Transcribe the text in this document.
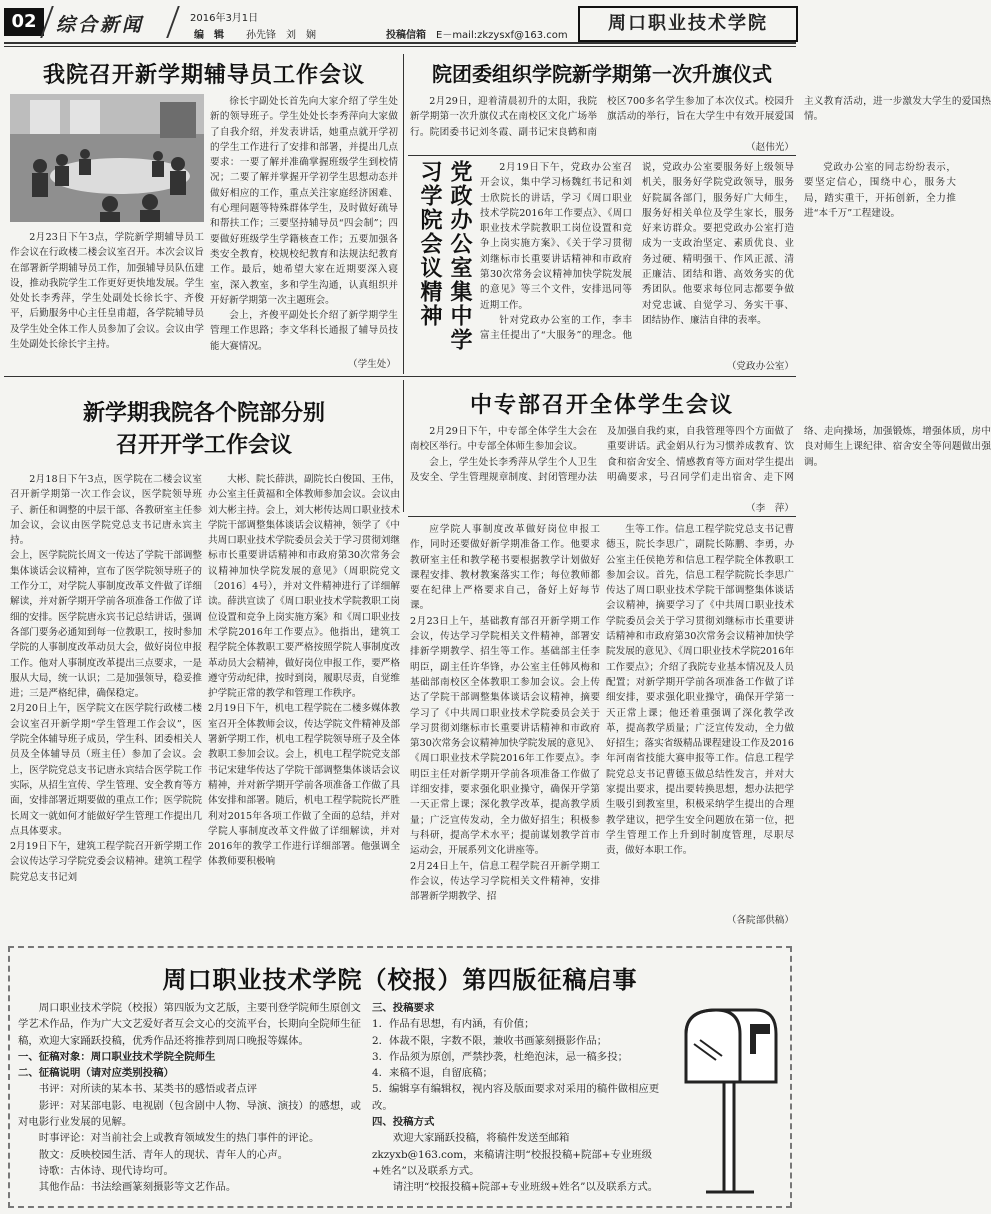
02	综合新闻	2016年3月1日
编　辑 孙先锋　刘　娴	投稿信箱 E－mail:zkzysxf@163.com
周口职业技术学院
我院召开新学期辅导员工作会议

2月23日下午3点，学院新学期辅导员工作会议在行政楼二楼会议室召开。本次会议旨在部署新学期辅导员工作，加强辅导员队伍建设，推动我院学生工作更好更快地发展。学生处处长李秀萍，学生处副处长徐长宇、齐俊平，后勤服务中心主任皇甫超，各学院辅导员及学生处全体工作人员参加了会议。会议由学生处副处长徐长宇主持。

徐长宇副处长首先向大家介绍了学生处新的领导班子。学生处处长李秀萍向大家做了自我介绍，并发表讲话，她重点就开学初的学生工作进行了安排和部署，并提出几点要求：一要了解并准确掌握班级学生到校情况；二要了解并掌握开学初学生思想动态并做好相应的工作，重点关注家庭经济困难、有心理问题等特殊群体学生，及时做好疏导和帮扶工作；三要坚持辅导员“四会制”；四要做好班级学生学籍核查工作；五要加强各类安全教育，校规校纪教育和法规法纪教育工作。最后，她希望大家在近期要深入寝室，深入教室，多和学生沟通，认真组织并开好新学期第一次主题班会。

会上，齐俊平副处长介绍了新学期学生管理工作思路；李文华科长通报了辅导员技能大赛情况。

（学生处）
院团委组织学院新学期第一次升旗仪式

2月29日，迎着清晨初升的太阳，我院新学期第一次升旗仪式在南校区文化广场举行。院团委书记刘冬霞、副书记宋良鹤和南校区700多名学生参加了本次仪式。校园升旗活动的举行，旨在大学生中有效开展爱国主义教育活动，进一步激发大学生的爱国热情。

（赵伟光）
党政办公室集中学习学院会议精神	2月19日下午，党政办公室召开会议，集中学习杨魏红书记和刘士欣院长的讲话，学习《周口职业技术学院2016年工作要点》、《周口职业技术学院教职工岗位设置和竞争上岗实施方案》、《关于学习贯彻刘继标市长重要讲话精神和市政府第30次常务会议精神加快学院发展的意见》等三个文件，安排迅同等近期工作。

针对党政办公室的工作，李丰富主任提出了“大服务”的理念。他说，党政办公室要服务好上级领导机关，服务好学院党政领导，服务好院属各部门，服务好广大师生，服务好相关单位及学生家长，服务好来访群众。要把党政办公室打造成为一支政治坚定、素质优良、业务过硬、精明强干、作风正派、清正廉洁、团结和谐、高效务实的优秀团队。他要求每位同志都要争做对党忠诚、自觉学习、务实干事、团结协作、廉洁自律的表率。

党政办公室的同志纷纷表示，要坚定信心，围绕中心，服务大局，踏实重干，开拓创新，全力推进“本千万”工程建设。

（党政办公室）
新学期我院各个院部分别
召开开学工作会议
2月18日下午3点，医学院在二楼会议室召开新学期第一次工作会议，医学院领导班子、新任和调整的中层干部、各教研室主任参加会议，会议由医学院党总支书记唐永宾主持。
会上，医学院院长周文一传达了学院干部调整集体谈话会议精神，宣布了医学院领导班子的工作分工，对学院人事制度改革文件做了详细解读，并对新学期开学前各项准备工作做了详细的安排。医学院唐永宾书记总结讲话，强调各部门要务必通知到每一位教职工，按时参加学院的人事制度改革动员大会，做好岗位申报工作。他对人事制度改革提出三点要求，一是服从大局，统一认识；二是加强领导，稳妥推进；三是严格纪律，确保稳定。
2月20日上午，医学院文在医学院行政楼二楼会议室召开新学期“学生管理工作会议”，医学院全体辅导班子成员，学生科、团委相关人员及全体辅导员（班主任）参加了会议。会上，医学院党总支书记唐永宾结合医学院工作实际，从招生宣传、学生管理、安全教育等方面，安排部署近期要做的重点工作；医学院院长周文一就如何才能做好学生管理工作提出几点具体要求。
2月19日下午，建筑工程学院召开新学期工作会议传达学习学院党委会议精神。建筑工程学院党总支书记刘
大彬、院长薛洪，副院长白俊国、王伟，办公室主任黄福和全体教师参加会议。会议由刘大彬主持。会上，刘大彬传达周口职业技术学院干部调整集体谈话会议精神，领学了《中共周口职业技术学院委员会关于学习贯彻刘继标市长重要讲话精神和市政府第30次常务会议精神加快学院发展的意见》（周职院党文〔2016〕4号），并对文件精神进行了详细解读。薛洪宣读了《周口职业技术学院教职工岗位设置和竞争上岗实施方案》和《周口职业技术学院2016年工作要点》。他指出，建筑工程学院全体教职工要严格按照学院人事制度改革动员大会精神，做好岗位申报工作，要严格遵守劳动纪律，按时到岗，履职尽责，自觉维护学院正常的教学和管理工作秩序。
2月19日下午，机电工程学院在二楼多媒体教室召开全体教师会议，传达学院文件精神及部署新学期工作，机电工程学院领导班子及全体教职工参加会议。会上，机电工程学院党支部书记宋建华传达了学院干部调整集体谈话会议精神，并对新学期开学前各项准备工作做了具体安排和部署。随后，机电工程学院院长严胜利对2015年各项工作做了全面的总结，并对学院人事制度改革文件做了详细解读，并对2016年的教学工作进行详细部署。他强调全体教师要积极响
应学院人事制度改革做好岗位申报工作，同时还要做好新学期准备工作。他要求教研室主任和教学秘书要根据教学计划做好课程安排、教材教案落实工作；每位教师都要在纪律上严格要求自己，备好上好每节课。
2月23日上午，基础教育部召开新学期工作会议，传达学习学院相关文件精神，部署安排新学期教学、招生等工作。基础部主任李明臣，副主任许华锋，办公室主任韩风梅和基础部南校区全体教职工参加会议。会上传达了学院干部调整集体谈话会议精神，摘要学习了《中共周口职业技术学院委员会关于学习贯彻刘继标市长重要讲话精神和市政府第30次常务会议精神加快学院发展的意见》、《周口职业技术学院2016年工作要点》。李明臣主任对新学期开学前各项准备工作做了详细安排，要求强化职业操守，确保开学第一天正常上课；深化教学改革，提高教学质量；广泛宣传发动，全力做好招生；积极参与科研，提高学术水平；提前谋划教学首市运动会，开展系列文化讲座等。
2月24日上午，信息工程学院召开新学期工作会议，传达学习学院相关文件精神，安排部署新学期教学、招
生等工作。信息工程学院党总支书记曹德玉，院长李思广，副院长陈鹏、李勇，办公室主任侯艳芳和信息工程学院全体教职工参加会议。首先，信息工程学院院长李思广传达了周口职业技术学院干部调整集体谈话会议精神，摘要学习了《中共周口职业技术学院委员会关于学习贯彻刘继标市长重要讲话精神和市政府第30次常务会议精神加快学院发展的意见》、《周口职业技术学院2016年工作要点》；介绍了我院专业基本情况及人员配置；对新学期开学前各项准备工作做了详细安排，要求强化职业操守，确保开学第一天正常上课；他还着重强调了深化教学改革，提高教学质量；广泛宣传发动，全力做好招生；落实省级精品课程建设工作及2016年河南省技能大赛申报等工作。信息工程学院党总支书记曹德玉做总结性发言，并对大家提出要求，提出要转换思想，想办法把学生吸引到教室里，积极采纳学生提出的合理教学建议，把学生安全问题放在第一位，把学生管理工作上升到时制度管理，尽职尽责，做好本职工作。
（各院部供稿）
中专部召开全体学生会议

2月29日下午，中专部全体学生大会在南校区举行。中专部全体师生参加会议。

会上，学生处长李秀萍从学生个人卫生及安全、学生管理规章制度、封闭管理办法及加强自我约束，自我管理等四个方面做了重要讲话。武金娟从行为习惯养成教育、饮食和宿舍安全、情感教育等方面对学生提出明确要求，号召同学们走出宿舍、走下网络、走向操场，加强锻炼，增强体质，房中良对师生上课纪律、宿舍安全等问题做出强调。

（李　萍）
周口职业技术学院（校报）第四版征稿启事

周口职业技术学院（校报）第四版为文艺版，主要刊登学院师生原创文学艺术作品，作为广大文艺爱好者互会文心的交流平台，长期向全院师生征稿，欢迎大家踊跃投稿，优秀作品还将推荐到周口晚报等媒体。

一、征稿对象：周口职业技术学院全院师生

二、征稿说明（请对应类别投稿）

书评：对所读的某本书、某类书的感悟或者点评

影评：对某部电影、电视剧（包含剧中人物、导演、演技）的感想，或对电影行业发展的见解。

时事评论：对当前社会上或教育领域发生的热门事件的评论。

散文：反映校园生活、青年人的现状、青年人的心声。

诗歌：古体诗、现代诗均可。

其他作品：书法绘画篆刻摄影等文艺作品。

三、投稿要求

1．作品有思想，有内涵，有价值；

2．体裁不限，字数不限，兼收书画篆刻摄影作品；

3．作品须为原创，严禁抄袭，杜绝泡沫，忌一稿多投；

4．来稿不退，自留底稿；

5．编辑享有编辑权，视内容及版面要求对采用的稿件做相应更改。

四、投稿方式

欢迎大家踊跃投稿，将稿件发送至邮箱zkzyxb@163.com，来稿请注明“校报投稿+院部+专业班级+姓名”以及联系方式。

请注明“校报投稿+院部+专业班级+姓名”以及联系方式。
